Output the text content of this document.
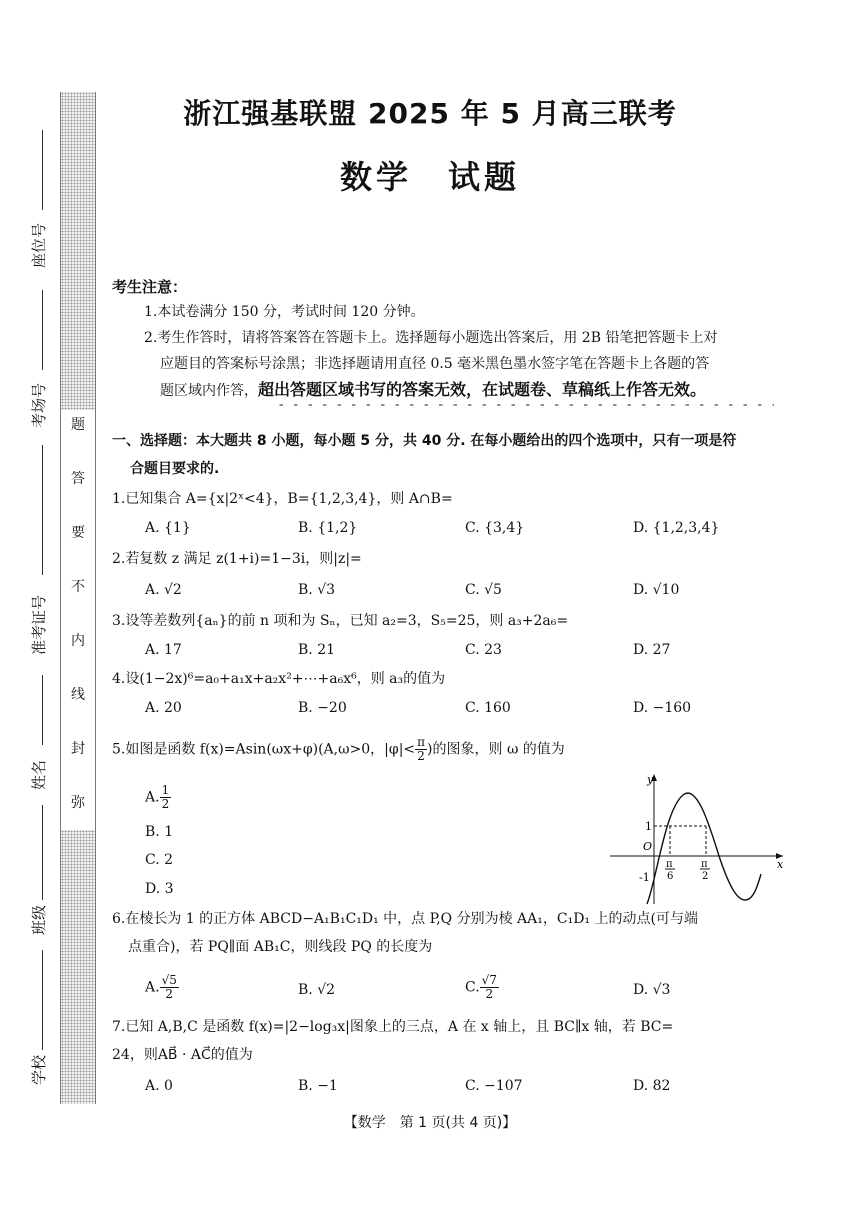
题
答
要
不
内
线
封
弥
座位号
考场号
准考证号
姓名
班级
学校
浙江强基联盟 2025 年 5 月高三联考
数学　试题
考生注意：
1.本试卷满分 150 分，考试时间 120 分钟。
2.考生作答时，请将答案答在答题卡上。选择题每小题选出答案后，用 2B 铅笔把答题卡上对
应题目的答案标号涂黑；非选择题请用直径 0.5 毫米黑色墨水签字笔在答题卡上各题的答
题区域内作答，超出答题区域书写的答案无效，在试题卷、草稿纸上作答无效。
一、选择题：本大题共 8 小题，每小题 5 分，共 40 分. 在每小题给出的四个选项中，只有一项是符
合题目要求的.
1.已知集合 A={x|2ˣ<4}，B={1,2,3,4}，则 A∩B=
A. {1}	B. {1,2}	C. {3,4}	D. {1,2,3,4}
2.若复数 z 满足 z(1+i)=1−3i，则|z|=
A. √2	B. √3	C. √5	D. √10
3.设等差数列{aₙ}的前 n 项和为 Sₙ，已知 a₂=3，S₅=25，则 a₃+2a₆=
A. 17	B. 21	C. 23	D. 27
4.设(1−2x)⁶=a₀+a₁x+a₂x²+⋯+a₆x⁶，则 a₃的值为
A. 20	B. −20	C. 160	D. −160
5.如图是函数 f(x)=Asin(ωx+φ)(A,ω>0，$|\varphi|< \frac{\pi}{2}$ )的图象，则 ω 的值为
A. $\frac{1}{2}$
B. 1
C. 2
D. 3
y
x
O
1
-1
π
6
π
2
6.在棱长为 1 的正方体 ABCD−A₁B₁C₁D₁ 中，点 P,Q 分别为棱 AA₁，C₁D₁ 上的动点(可与端
点重合)，若 PQ∥面 AB₁C，则线段 PQ 的长度为
A. $\frac{√5}{2}$	B. √2	C. $\frac{√7}{2}$	D. √3
7.已知 A,B,C 是函数 f(x)=|2−log₃x|图象上的三点，A 在 x 轴上，且 BC∥x 轴，若 BC=
24，则AB⃗ · AC⃗的值为
A. 0	B. −1	C. −107	D. 82
【数学　第 1 页(共 4 页)】
